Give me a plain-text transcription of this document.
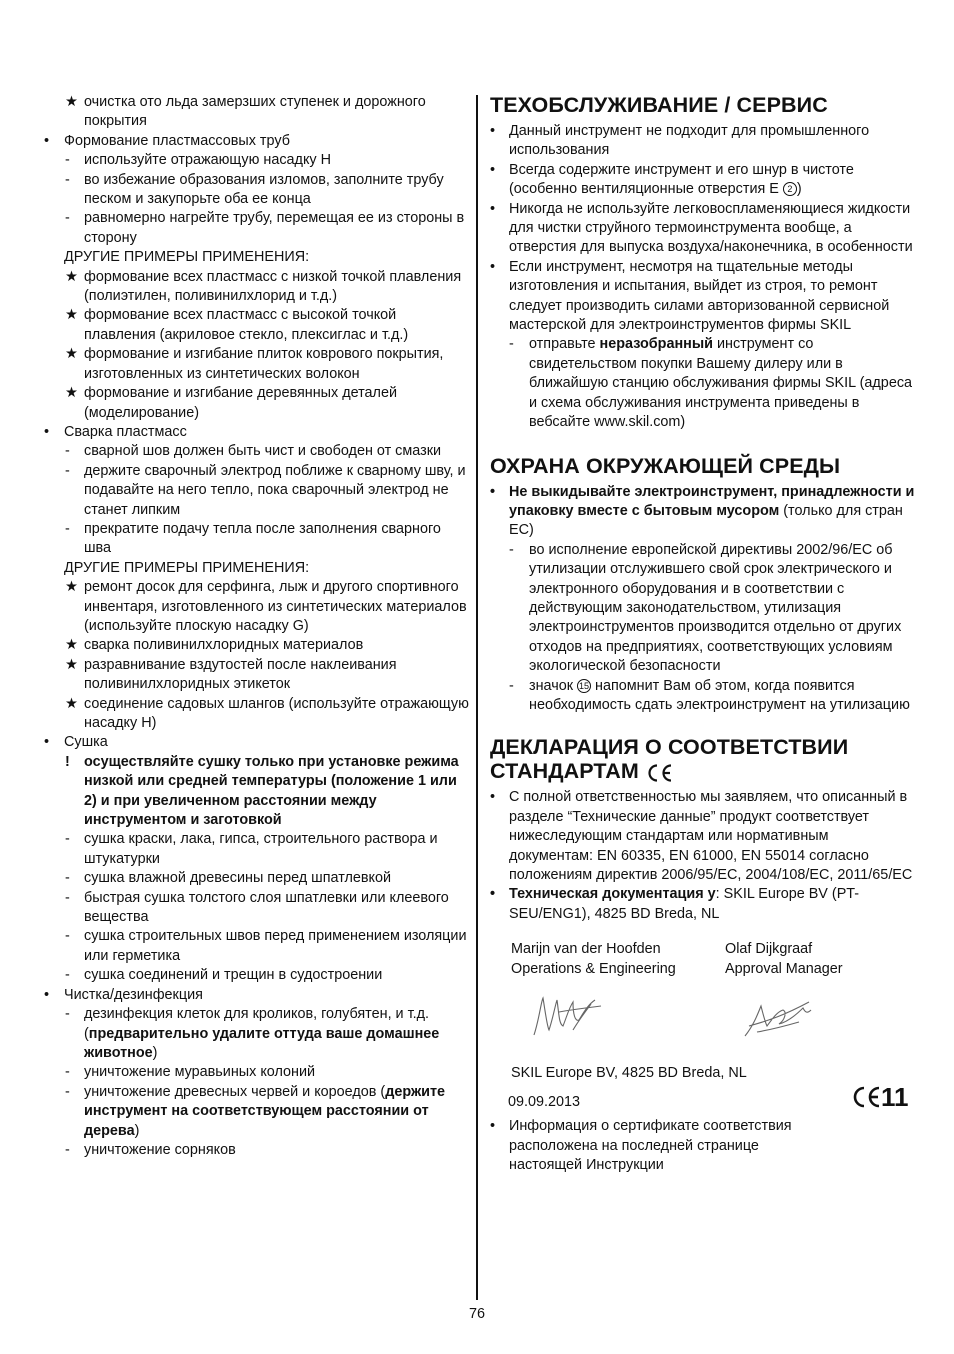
★ очистка ото льда замерзших ступенек и дорожного покрытия
• Формование пластмассовых труб
- используйте отражающую насадку H
- во избежание образования изломов, заполните трубу песком и закупорьте оба ее конца
- равномерно нагрейте трубу, перемещая ее из стороны в сторону
ДРУГИЕ ПРИМЕРЫ ПРИМЕНЕНИЯ:
★ формование всех пластмасс с низкой точкой плавления (полиэтилен, поливинилхлорид и т.д.)
★ формование всех пластмасс с высокой точкой плавления (акриловое стекло, плексиглас и т.д.)
★ формование и изгибание плиток коврового покрытия, изготовленных из синтетических волокон
★ формование и изгибание деревянных деталей (моделирование)
• Сварка пластмасс
- сварной шов должен быть чист и свободен от смазки
- держите сварочный электрод поближе к сварному шву, и подавайте на него тепло, пока сварочный электрод не станет липким
- прекратите подачу тепла после заполнения сварного шва
ДРУГИЕ ПРИМЕРЫ ПРИМЕНЕНИЯ:
★ ремонт досок для серфинга, лыж и другого спортивного инвентаря, изготовленного из синтетических материалов (используйте плоскую насадку G)
★ сварка поливинилхлоридных материалов
★ разравнивание вздутостей после наклеивания поливинилхлоридных этикеток
★ соединение садовых шлангов (используйте отражающую насадку H)
• Сушка
! осуществляйте сушку только при установке режима низкой или средней температуры (положение 1 или 2) и при увеличенном расстоянии между инструментом и заготовкой
- сушка краски, лака, гипса, строительного раствора и штукатурки
- сушка влажной древесины перед шпатлевкой
- быстрая сушка толстого слоя шпатлевки или клеевого вещества
- сушка строительных швов перед применением изоляции или герметика
- сушка соединений и трещин в судостроении
• Чистка/дезинфекция
- дезинфекция клеток для кроликов, голубятен, и т.д. (предварительно удалите оттуда ваше домашнее животное)
- уничтожение муравьиных колоний
- уничтожение древесных червей и короедов (держите инструмент на соответствующем расстоянии от дерева)
- уничтожение сорняков
ТЕХОБСЛУЖИВАНИЕ / СЕРВИС
• Данный инструмент не подходит для промышленного использования
• Всегда содержите инструмент и его шнур в чистоте (особенно вентиляционные отверстия E 2 )
• Никогда не используйте легковоспламеняющиеся жидкости для чистки струйного термоинструмента вообще, а отверстия для выпуска воздуха/наконечника, в особенности
• Если инструмент, несмотря на тщательные методы изготовления и испытания, выйдет из строя, то ремонт следует производить силами авторизованной сервисной мастерской для электроинструментов фирмы SKIL
- отправьте неразобранный инструмент со свидетельством покупки Вашему дилеру или в ближайшую станцию обслуживания фирмы SKIL (адреса и схема обслуживания инструмента приведены в вебсайте www.skil.com)
ОХРАНА ОКРУЖАЮЩЕЙ СРЕДЫ
• Не выкидывайте электроинструмент, принадлежности и упаковку вместе с бытовым мусором (только для стран ЕС)
- во исполнение европейской директивы 2002/96/ЕС об утилизации отслужившего свой срок электрического и электронного оборудования и в соответствии с действующим законодательством, утилизация электроинструментов производится отдельно от других отходов на предприятиях, соответствующих условиям экологической безопасности
- значок 15 напомнит Вам об этом, когда появится необходимость сдать электроинструмент на утилизацию
ДЕКЛАРАЦИЯ О СООТВЕТСТВИИ
СТАНДАРТАМ
• С полной ответственностью мы заявляем, что описанный в разделе “Технические данные” продукт соответствует нижеследующим стандартам или нормативным документам: EN 60335, EN 61000, EN 55014 согласно положениям директив 2006/95/EC, 2004/108/EC, 2011/65/EC
• Техническая документация у: SKIL Europe BV (PT-SEU/ENG1), 4825 BD Breda, NL
Marijn van der Hoofden
Operations & Engineering
Olaf Dijkgraaf
Approval Manager
SKIL Europe BV, 4825 BD Breda, NL
09.09.2013	11
• Информация о сертификате соответствия расположена на последней странице настоящей Инструкции
76
